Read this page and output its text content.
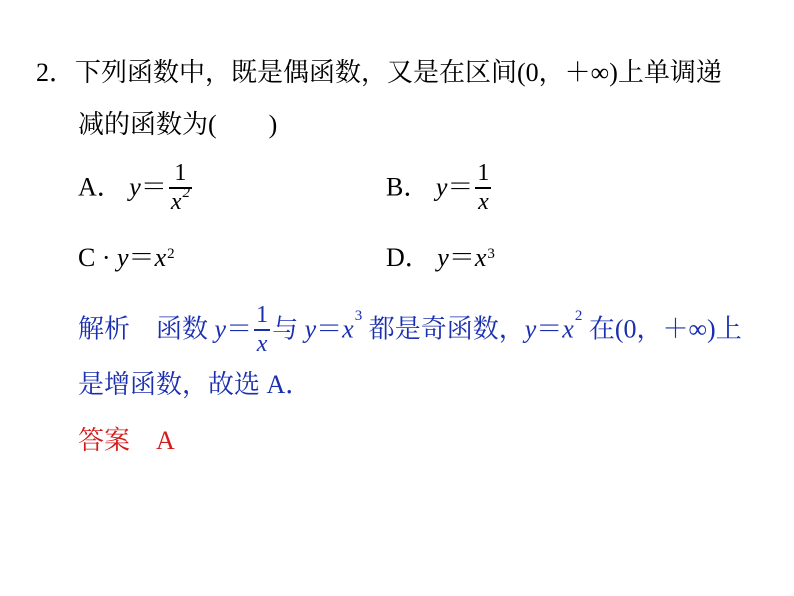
2．下列函数中，既是偶函数，又是在区间(0，＋∞)上单调递
减的函数为(　　)
A． $y= \frac{1}{x^2}$	B． $y= \frac{1}{x}$
$C \cdot y=x^2$	D． $y=x^3$
解析 函数 $y= \frac{1}{x}$ 与 $y=x^3$ 都是奇函数，$y=x^2$ 在(0，＋∞)上
是增函数，故选 A．
答案 A
